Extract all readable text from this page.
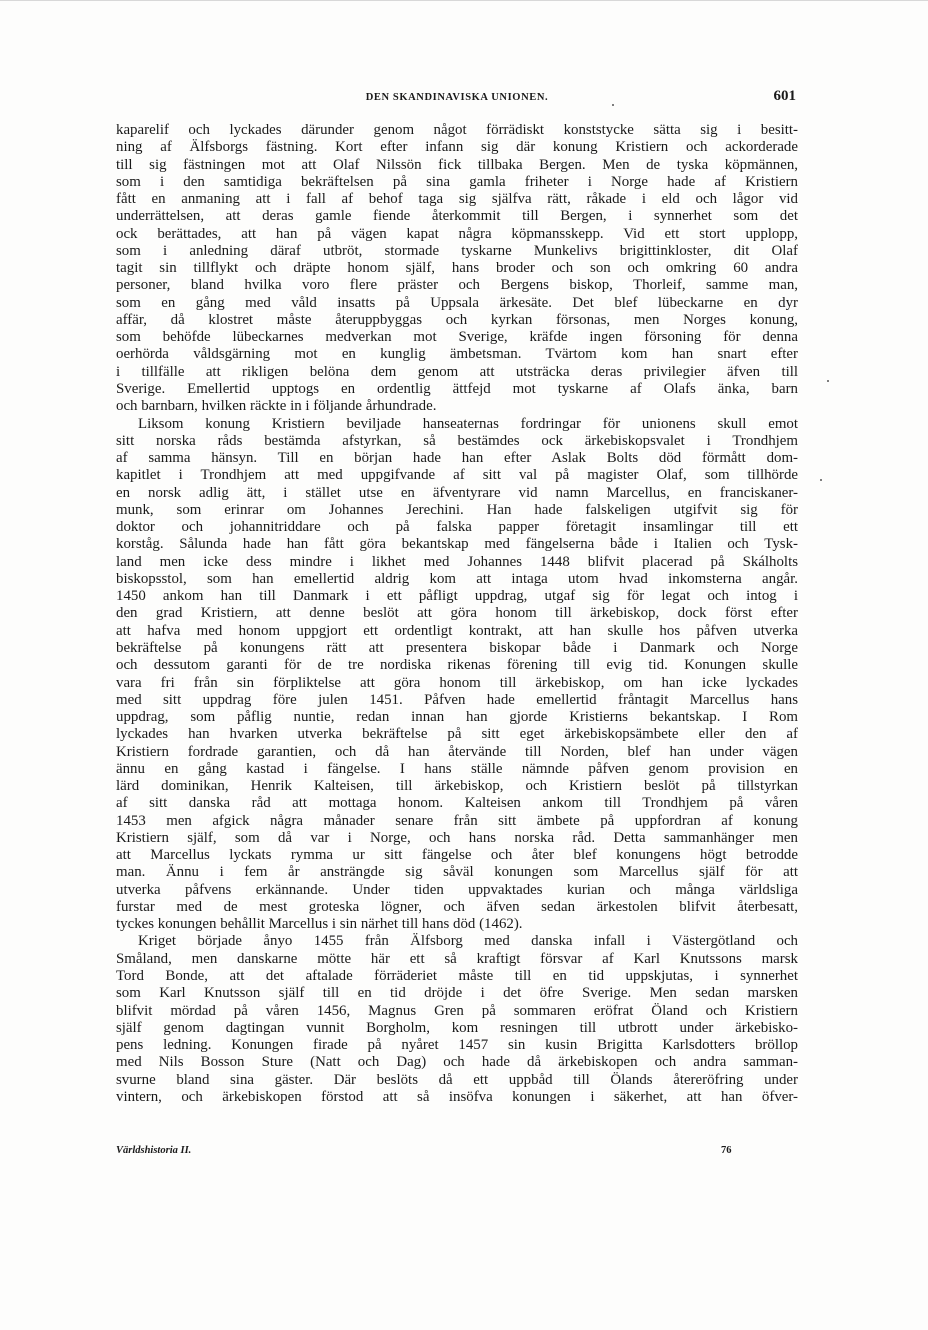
DEN SKANDINAVISKA UNIONEN.	601
kaparelif och lyckades därunder genom något förrädiskt konststycke sätta sig i besitt-
ning af Älfsborgs fästning. Kort efter infann sig där konung Kristiern och ackorderade
till sig fästningen mot att Olaf Nilssön fick tillbaka Bergen. Men de tyska köpmännen,
som i den samtidiga bekräftelsen på sina gamla friheter i Norge hade af Kristiern
fått en anmaning att i fall af behof taga sig själfva rätt, råkade i eld och lågor vid
underrättelsen, att deras gamle fiende återkommit till Bergen, i synnerhet som det
ock berättades, att han på vägen kapat några köpmansskepp. Vid ett stort upplopp,
som i anledning däraf utbröt, stormade tyskarne Munkelivs brigittinkloster, dit Olaf
tagit sin tillflykt och dräpte honom själf, hans broder och son och omkring 60 andra
personer, bland hvilka voro flere präster och Bergens biskop, Thorleif, samme man,
som en gång med våld insatts på Uppsala ärkesäte. Det blef lübeckarne en dyr
affär, då klostret måste återuppbyggas och kyrkan försonas, men Norges konung,
som behöfde lübeckarnes medverkan mot Sverige, kräfde ingen försoning för denna
oerhörda våldsgärning mot en kunglig ämbetsman. Tvärtom kom han snart efter
i tillfälle att rikligen belöna dem genom att utsträcka deras privilegier äfven till
Sverige. Emellertid upptogs en ordentlig ättfejd mot tyskarne af Olafs änka, barn
och barnbarn, hvilken räckte in i följande århundrade.
Liksom konung Kristiern beviljade hanseaternas fordringar för unionens skull emot
sitt norska råds bestämda afstyrkan, så bestämdes ock ärkebiskopsvalet i Trondhjem
af samma hänsyn. Till en början hade han efter Aslak Bolts död förmått dom-
kapitlet i Trondhjem att med uppgifvande af sitt val på magister Olaf, som tillhörde
en norsk adlig ätt, i stället utse en äfventyrare vid namn Marcellus, en franciskaner-
munk, som erinrar om Johannes Jerechini. Han hade falskeligen utgifvit sig för
doktor och johannitriddare och på falska papper företagit insamlingar till ett
korståg. Sålunda hade han fått göra bekantskap med fängelserna både i Italien och Tysk-
land men icke dess mindre i likhet med Johannes 1448 blifvit placerad på Skálholts
biskopsstol, som han emellertid aldrig kom att intaga utom hvad inkomsterna angår.
1450 ankom han till Danmark i ett påfligt uppdrag, utgaf sig för legat och intog i
den grad Kristiern, att denne beslöt att göra honom till ärkebiskop, dock först efter
att hafva med honom uppgjort ett ordentligt kontrakt, att han skulle hos påfven utverka
bekräftelse på konungens rätt att presentera biskopar både i Danmark och Norge
och dessutom garanti för de tre nordiska rikenas förening till evig tid. Konungen skulle
vara fri från sin förpliktelse att göra honom till ärkebiskop, om han icke lyckades
med sitt uppdrag före julen 1451. Påfven hade emellertid fråntagit Marcellus hans
uppdrag, som påflig nuntie, redan innan han gjorde Kristierns bekantskap. I Rom
lyckades han hvarken utverka bekräftelse på sitt eget ärkebiskopsämbete eller den af
Kristiern fordrade garantien, och då han återvände till Norden, blef han under vägen
ännu en gång kastad i fängelse. I hans ställe nämnde påfven genom provision en
lärd dominikan, Henrik Kalteisen, till ärkebiskop, och Kristiern beslöt på tillstyrkan
af sitt danska råd att mottaga honom. Kalteisen ankom till Trondhjem på våren
1453 men afgick några månader senare från sitt ämbete på uppfordran af konung
Kristiern själf, som då var i Norge, och hans norska råd. Detta sammanhänger men
att Marcellus lyckats rymma ur sitt fängelse och åter blef konungens högt betrodde
man. Ännu i fem år ansträngde sig såväl konungen som Marcellus själf för att
utverka påfvens erkännande. Under tiden uppvaktades kurian och många världsliga
furstar med de mest groteska lögner, och äfven sedan ärkestolen blifvit återbesatt,
tyckes konungen behållit Marcellus i sin närhet till hans död (1462).
Kriget började ånyo 1455 från Älfsborg med danska infall i Västergötland och
Småland, men danskarne mötte här ett så kraftigt försvar af Karl Knutssons marsk
Tord Bonde, att det aftalade förräderiet måste till en tid uppskjutas, i synnerhet
som Karl Knutsson själf till en tid dröjde i det öfre Sverige. Men sedan marsken
blifvit mördad på våren 1456, Magnus Gren på sommaren eröfrat Öland och Kristiern
själf genom dagtingan vunnit Borgholm, kom resningen till utbrott under ärkebisko-
pens ledning. Konungen firade på nyåret 1457 sin kusin Brigitta Karlsdotters bröllop
med Nils Bosson Sture (Natt och Dag) och hade då ärkebiskopen och andra samman-
svurne bland sina gäster. Där beslöts då ett uppbåd till Ölands återeröfring under
vintern, och ärkebiskopen förstod att så insöfva konungen i säkerhet, att han öfver-
Världshistoria II.	76
